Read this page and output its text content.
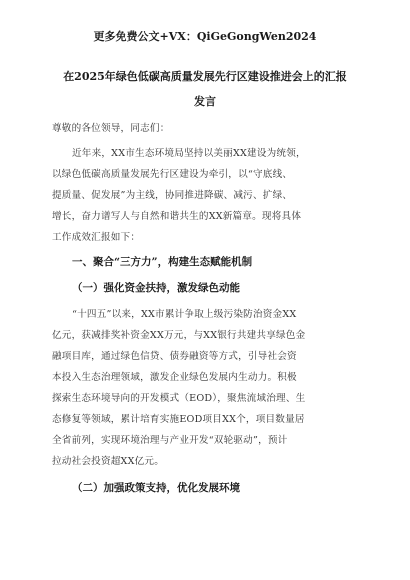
更多免费公文+VX：QiGeGongWen2024
在2025年绿色低碳高质量发展先行区建设推进会上的汇报
发言
尊敬的各位领导，同志们：
近年来，XX市生态环境局坚持以美丽XX建设为统领，
以绿色低碳高质量发展先行区建设为牵引，以“守底线、
提质量、促发展”为主线，协同推进降碳、减污、扩绿、
增长，奋力谱写人与自然和谐共生的XX新篇章。现将具体
工作成效汇报如下：
一、聚合“三方力”，构建生态赋能机制
（一）强化资金扶持，激发绿色动能
“十四五”以来，XX市累计争取上级污染防治资金XX
亿元，获减排奖补资金XX万元，与XX银行共建共享绿色金
融项目库，通过绿色信贷、债券融资等方式，引导社会资
本投入生态治理领域，激发企业绿色发展内生动力。积极
探索生态环境导向的开发模式（EOD），聚焦流域治理、生
态修复等领域，累计培育实施EOD项目XX个，项目数量居
全省前列，实现环境治理与产业开发“双轮驱动”，预计
拉动社会投资超XX亿元。
（二）加强政策支持，优化发展环境
